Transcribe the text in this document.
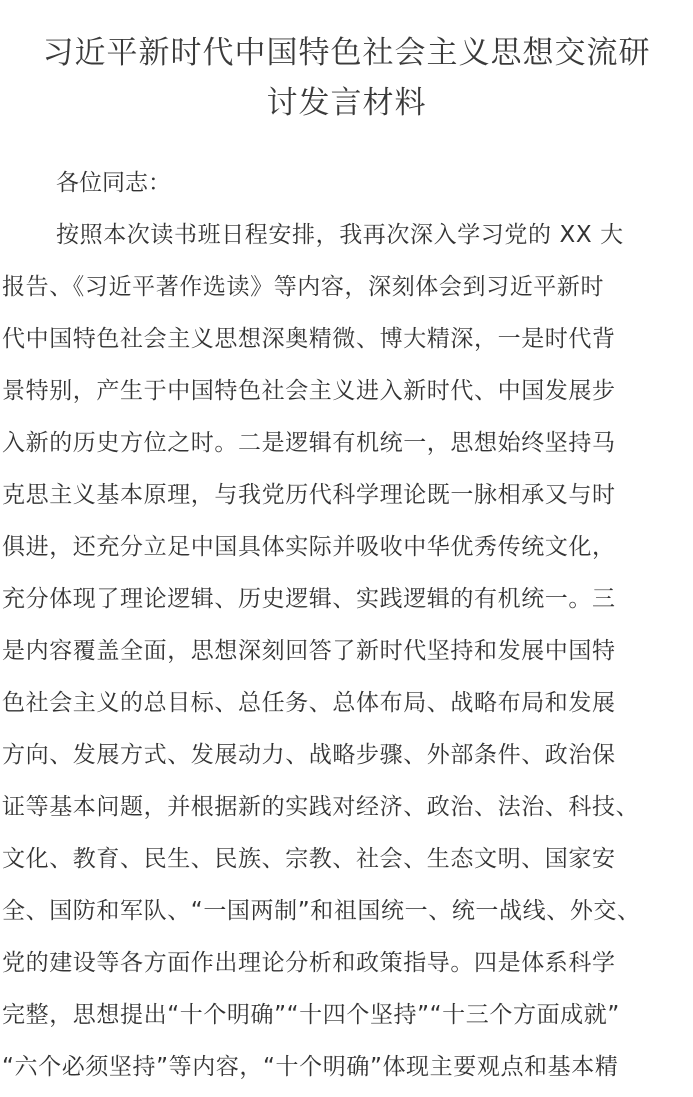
习近平新时代中国特色社会主义思想交流研
讨发言材料

各位同志：

按照本次读书班日程安排，我再次深入学习党的 XX 大
报告、《习近平著作选读》等内容，深刻体会到习近平新时
代中国特色社会主义思想深奥精微、博大精深，一是时代背
景特别，产生于中国特色社会主义进入新时代、中国发展步
入新的历史方位之时。二是逻辑有机统一，思想始终坚持马
克思主义基本原理，与我党历代科学理论既一脉相承又与时
俱进，还充分立足中国具体实际并吸收中华优秀传统文化，
充分体现了理论逻辑、历史逻辑、实践逻辑的有机统一。三
是内容覆盖全面，思想深刻回答了新时代坚持和发展中国特
色社会主义的总目标、总任务、总体布局、战略布局和发展
方向、发展方式、发展动力、战略步骤、外部条件、政治保
证等基本问题，并根据新的实践对经济、政治、法治、科技、
文化、教育、民生、民族、宗教、社会、生态文明、国家安
全、国防和军队、“一国两制”和祖国统一、统一战线、外交、
党的建设等各方面作出理论分析和政策指导。四是体系科学
完整，思想提出“十个明确”“十四个坚持”“十三个方面成就”
“六个必须坚持”等内容，“十个明确”体现主要观点和基本精
